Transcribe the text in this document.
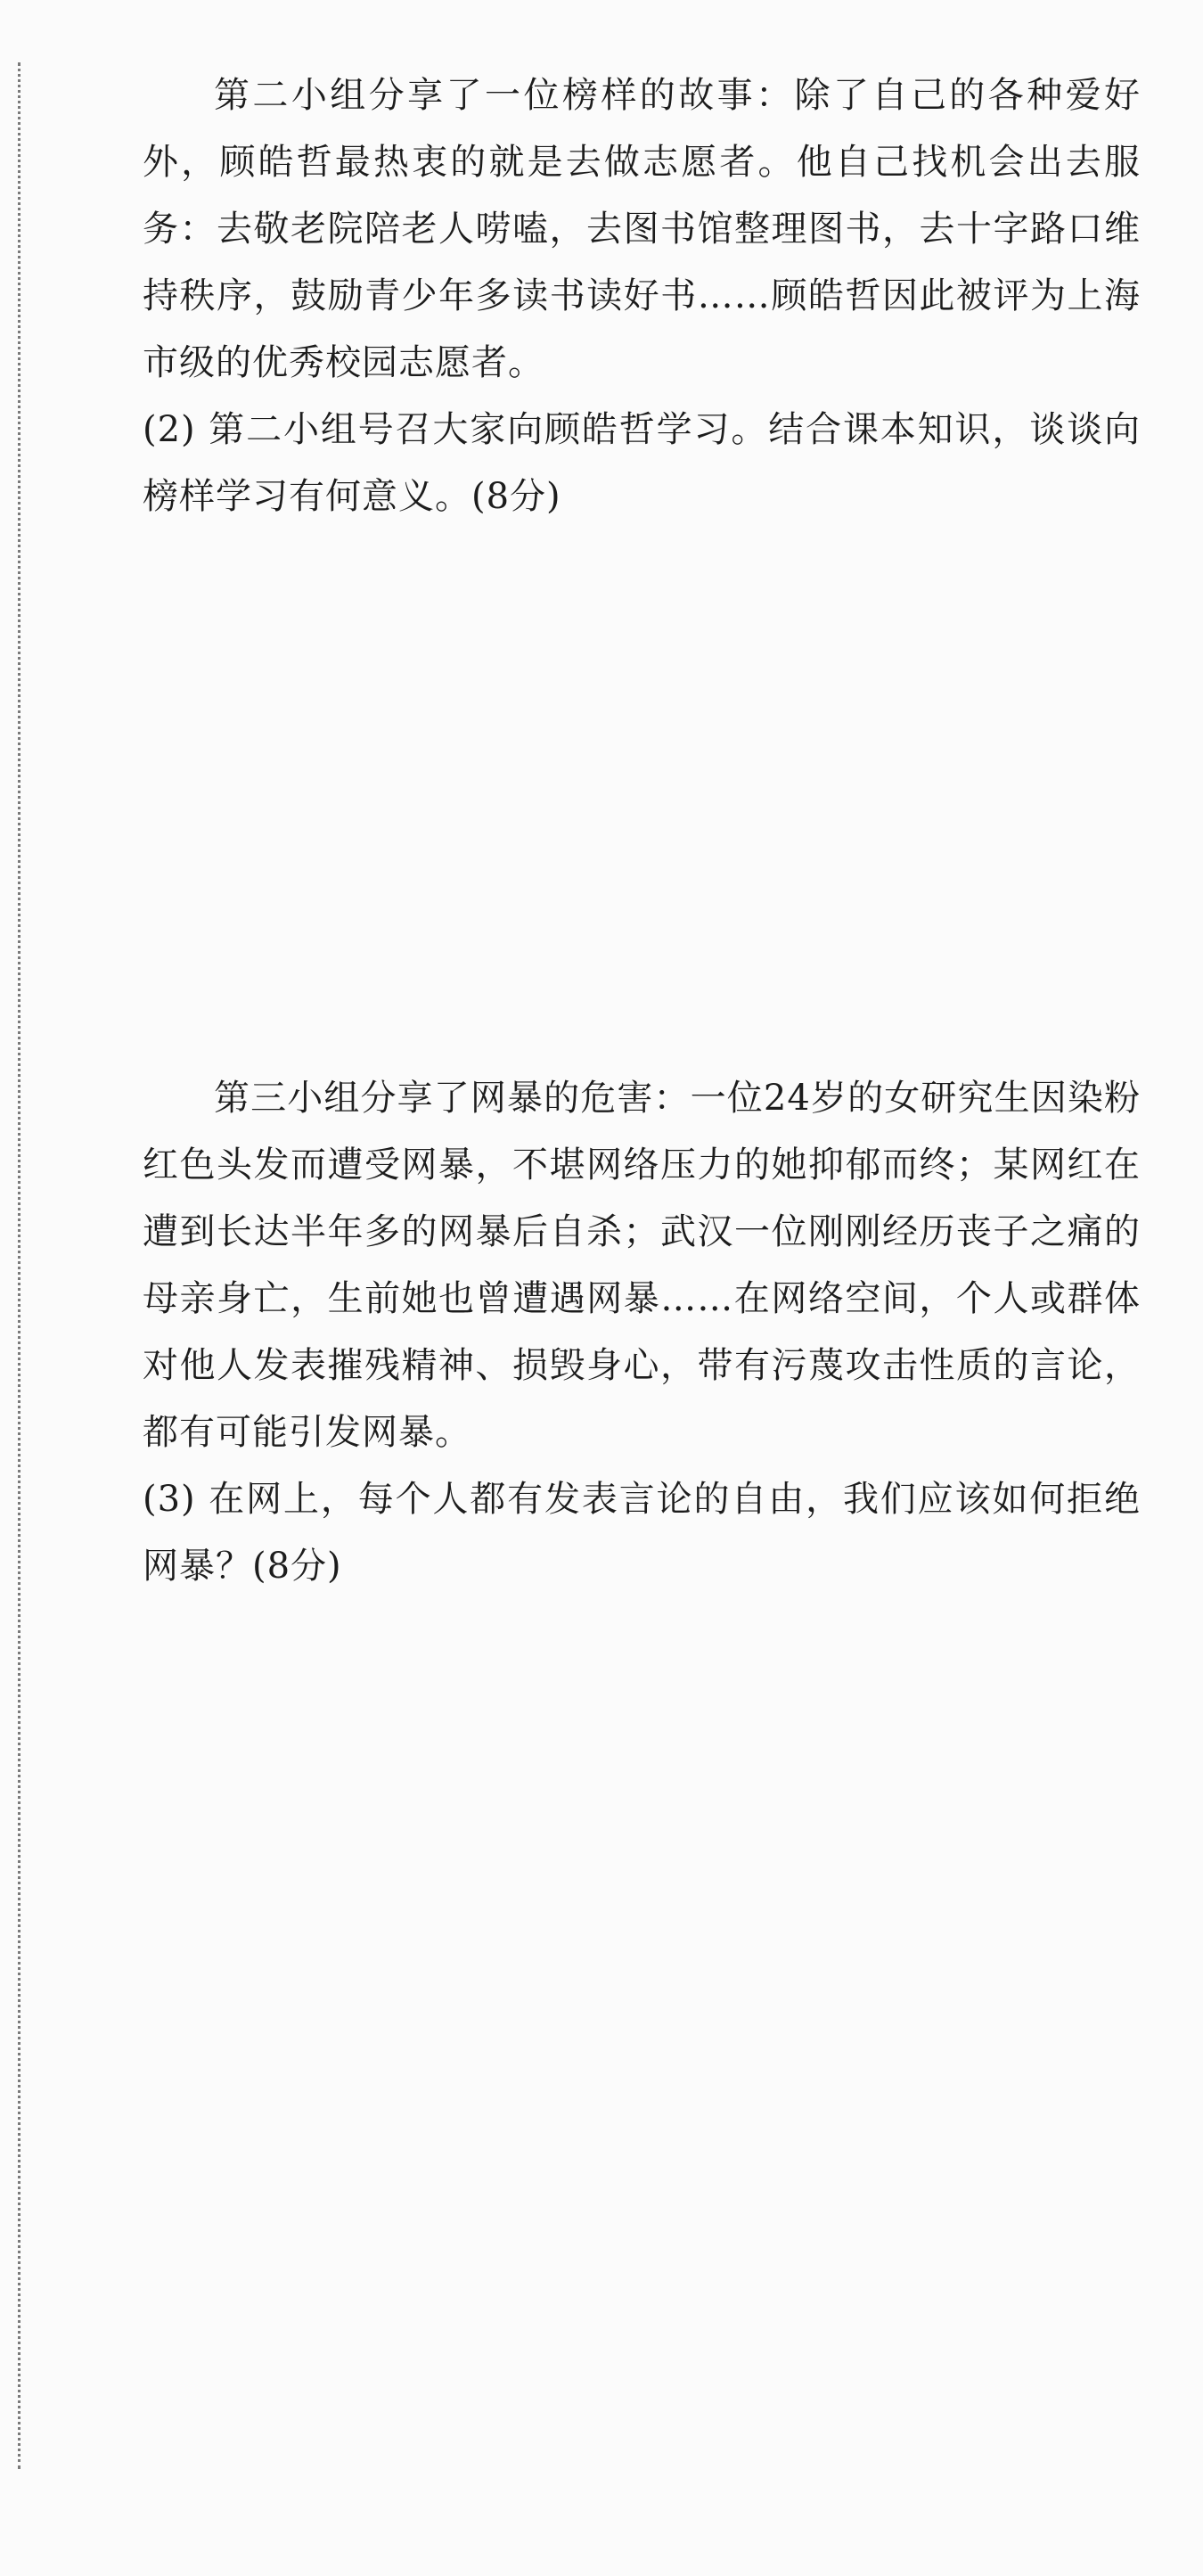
第二小组分享了一位榜样的故事：除了自己的各种爱好外，顾皓哲最热衷的就是去做志愿者。他自己找机会出去服务：去敬老院陪老人唠嗑，去图书馆整理图书，去十字路口维持秩序，鼓励青少年多读书读好书……顾皓哲因此被评为上海市级的优秀校园志愿者。

(2) 第二小组号召大家向顾皓哲学习。结合课本知识，谈谈向榜样学习有何意义。(8分)

第三小组分享了网暴的危害：一位24岁的女研究生因染粉红色头发而遭受网暴，不堪网络压力的她抑郁而终；某网红在遭到长达半年多的网暴后自杀；武汉一位刚刚经历丧子之痛的母亲身亡，生前她也曾遭遇网暴……在网络空间，个人或群体对他人发表摧残精神、损毁身心，带有污蔑攻击性质的言论，都有可能引发网暴。

(3) 在网上，每个人都有发表言论的自由，我们应该如何拒绝网暴？(8分)
